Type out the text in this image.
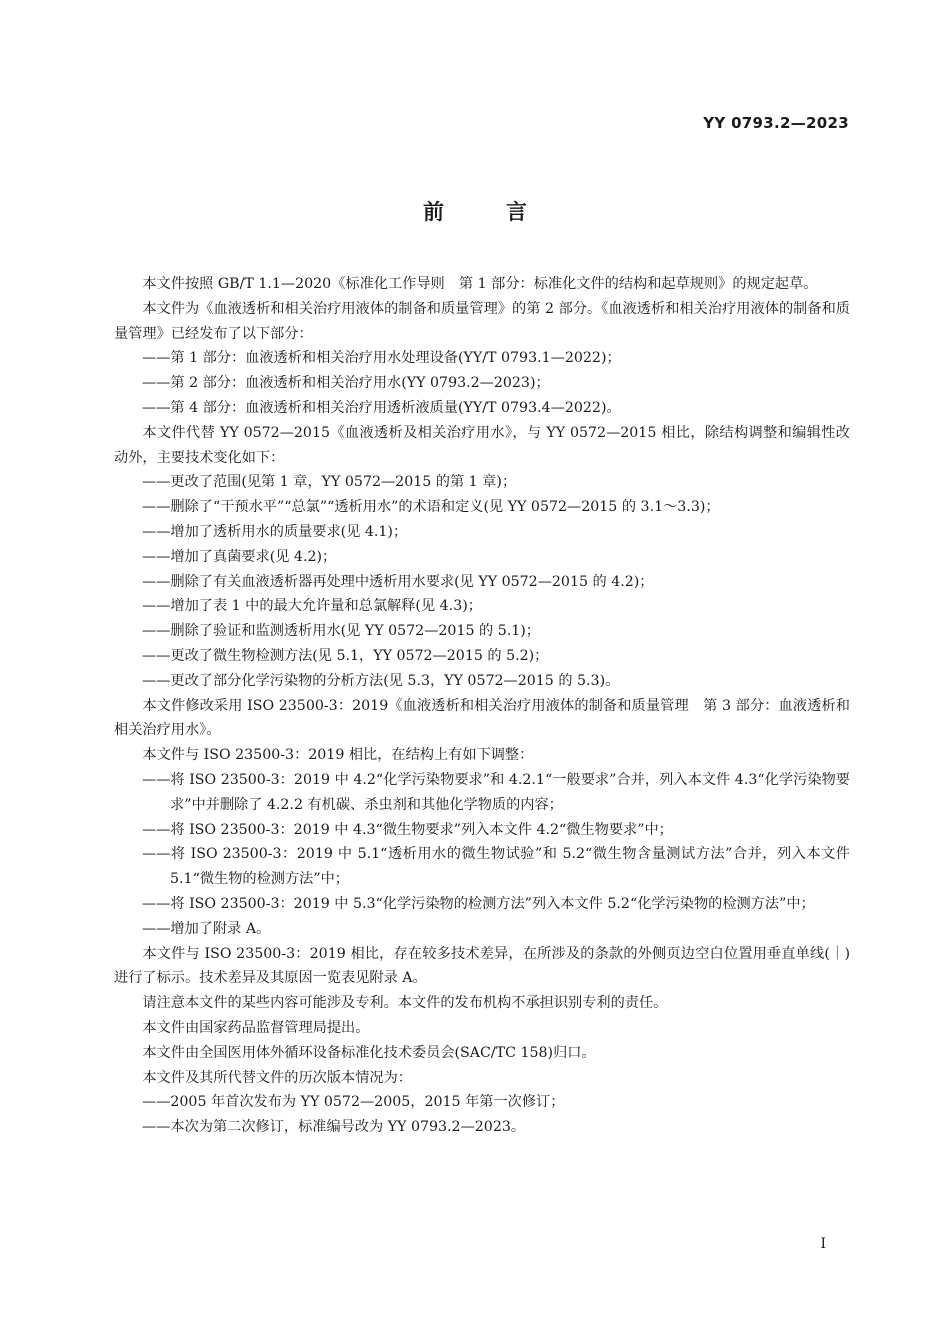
YY 0793.2—2023
前	言

本文件按照 GB/T 1.1—2020《标准化工作导则　第 1 部分：标准化文件的结构和起草规则》的规定起草。

本文件为《血液透析和相关治疗用液体的制备和质量管理》的第 2 部分。《血液透析和相关治疗用液体的制备和质量管理》已经发布了以下部分：

——第 1 部分：血液透析和相关治疗用水处理设备(YY/T 0793.1—2022)；

——第 2 部分：血液透析和相关治疗用水(YY 0793.2—2023)；

——第 4 部分：血液透析和相关治疗用透析液质量(YY/T 0793.4—2022)。

本文件代替 YY 0572—2015《血液透析及相关治疗用水》，与 YY 0572—2015 相比，除结构调整和编辑性改动外，主要技术变化如下：

——更改了范围(见第 1 章，YY 0572—2015 的第 1 章)；

——删除了“干预水平”“总氯”“透析用水”的术语和定义(见 YY 0572—2015 的 3.1～3.3)；

——增加了透析用水的质量要求(见 4.1)；

——增加了真菌要求(见 4.2)；

——删除了有关血液透析器再处理中透析用水要求(见 YY 0572—2015 的 4.2)；

——增加了表 1 中的最大允许量和总氯解释(见 4.3)；

——删除了验证和监测透析用水(见 YY 0572—2015 的 5.1)；

——更改了微生物检测方法(见 5.1，YY 0572—2015 的 5.2)；

——更改了部分化学污染物的分析方法(见 5.3，YY 0572—2015 的 5.3)。

本文件修改采用 ISO 23500-3：2019《血液透析和相关治疗用液体的制备和质量管理　第 3 部分：血液透析和相关治疗用水》。

本文件与 ISO 23500-3：2019 相比，在结构上有如下调整：

——将 ISO 23500-3：2019 中 4.2“化学污染物要求”和 4.2.1“一般要求”合并，列入本文件 4.3“化学污染物要求”中并删除了 4.2.2 有机碳、杀虫剂和其他化学物质的内容；

——将 ISO 23500-3：2019 中 4.3“微生物要求”列入本文件 4.2“微生物要求”中；

——将 ISO 23500-3：2019 中 5.1“透析用水的微生物试验”和 5.2“微生物含量测试方法”合并，列入本文件 5.1“微生物的检测方法”中；

——将 ISO 23500-3：2019 中 5.3“化学污染物的检测方法”列入本文件 5.2“化学污染物的检测方法”中；

——增加了附录 A。

本文件与 ISO 23500-3：2019 相比，存在较多技术差异，在所涉及的条款的外侧页边空白位置用垂直单线(｜)进行了标示。技术差异及其原因一览表见附录 A。

请注意本文件的某些内容可能涉及专利。本文件的发布机构不承担识别专利的责任。

本文件由国家药品监督管理局提出。

本文件由全国医用体外循环设备标准化技术委员会(SAC/TC 158)归口。

本文件及其所代替文件的历次版本情况为：

——2005 年首次发布为 YY 0572—2005，2015 年第一次修订；

——本次为第二次修订，标准编号改为 YY 0793.2—2023。

I
